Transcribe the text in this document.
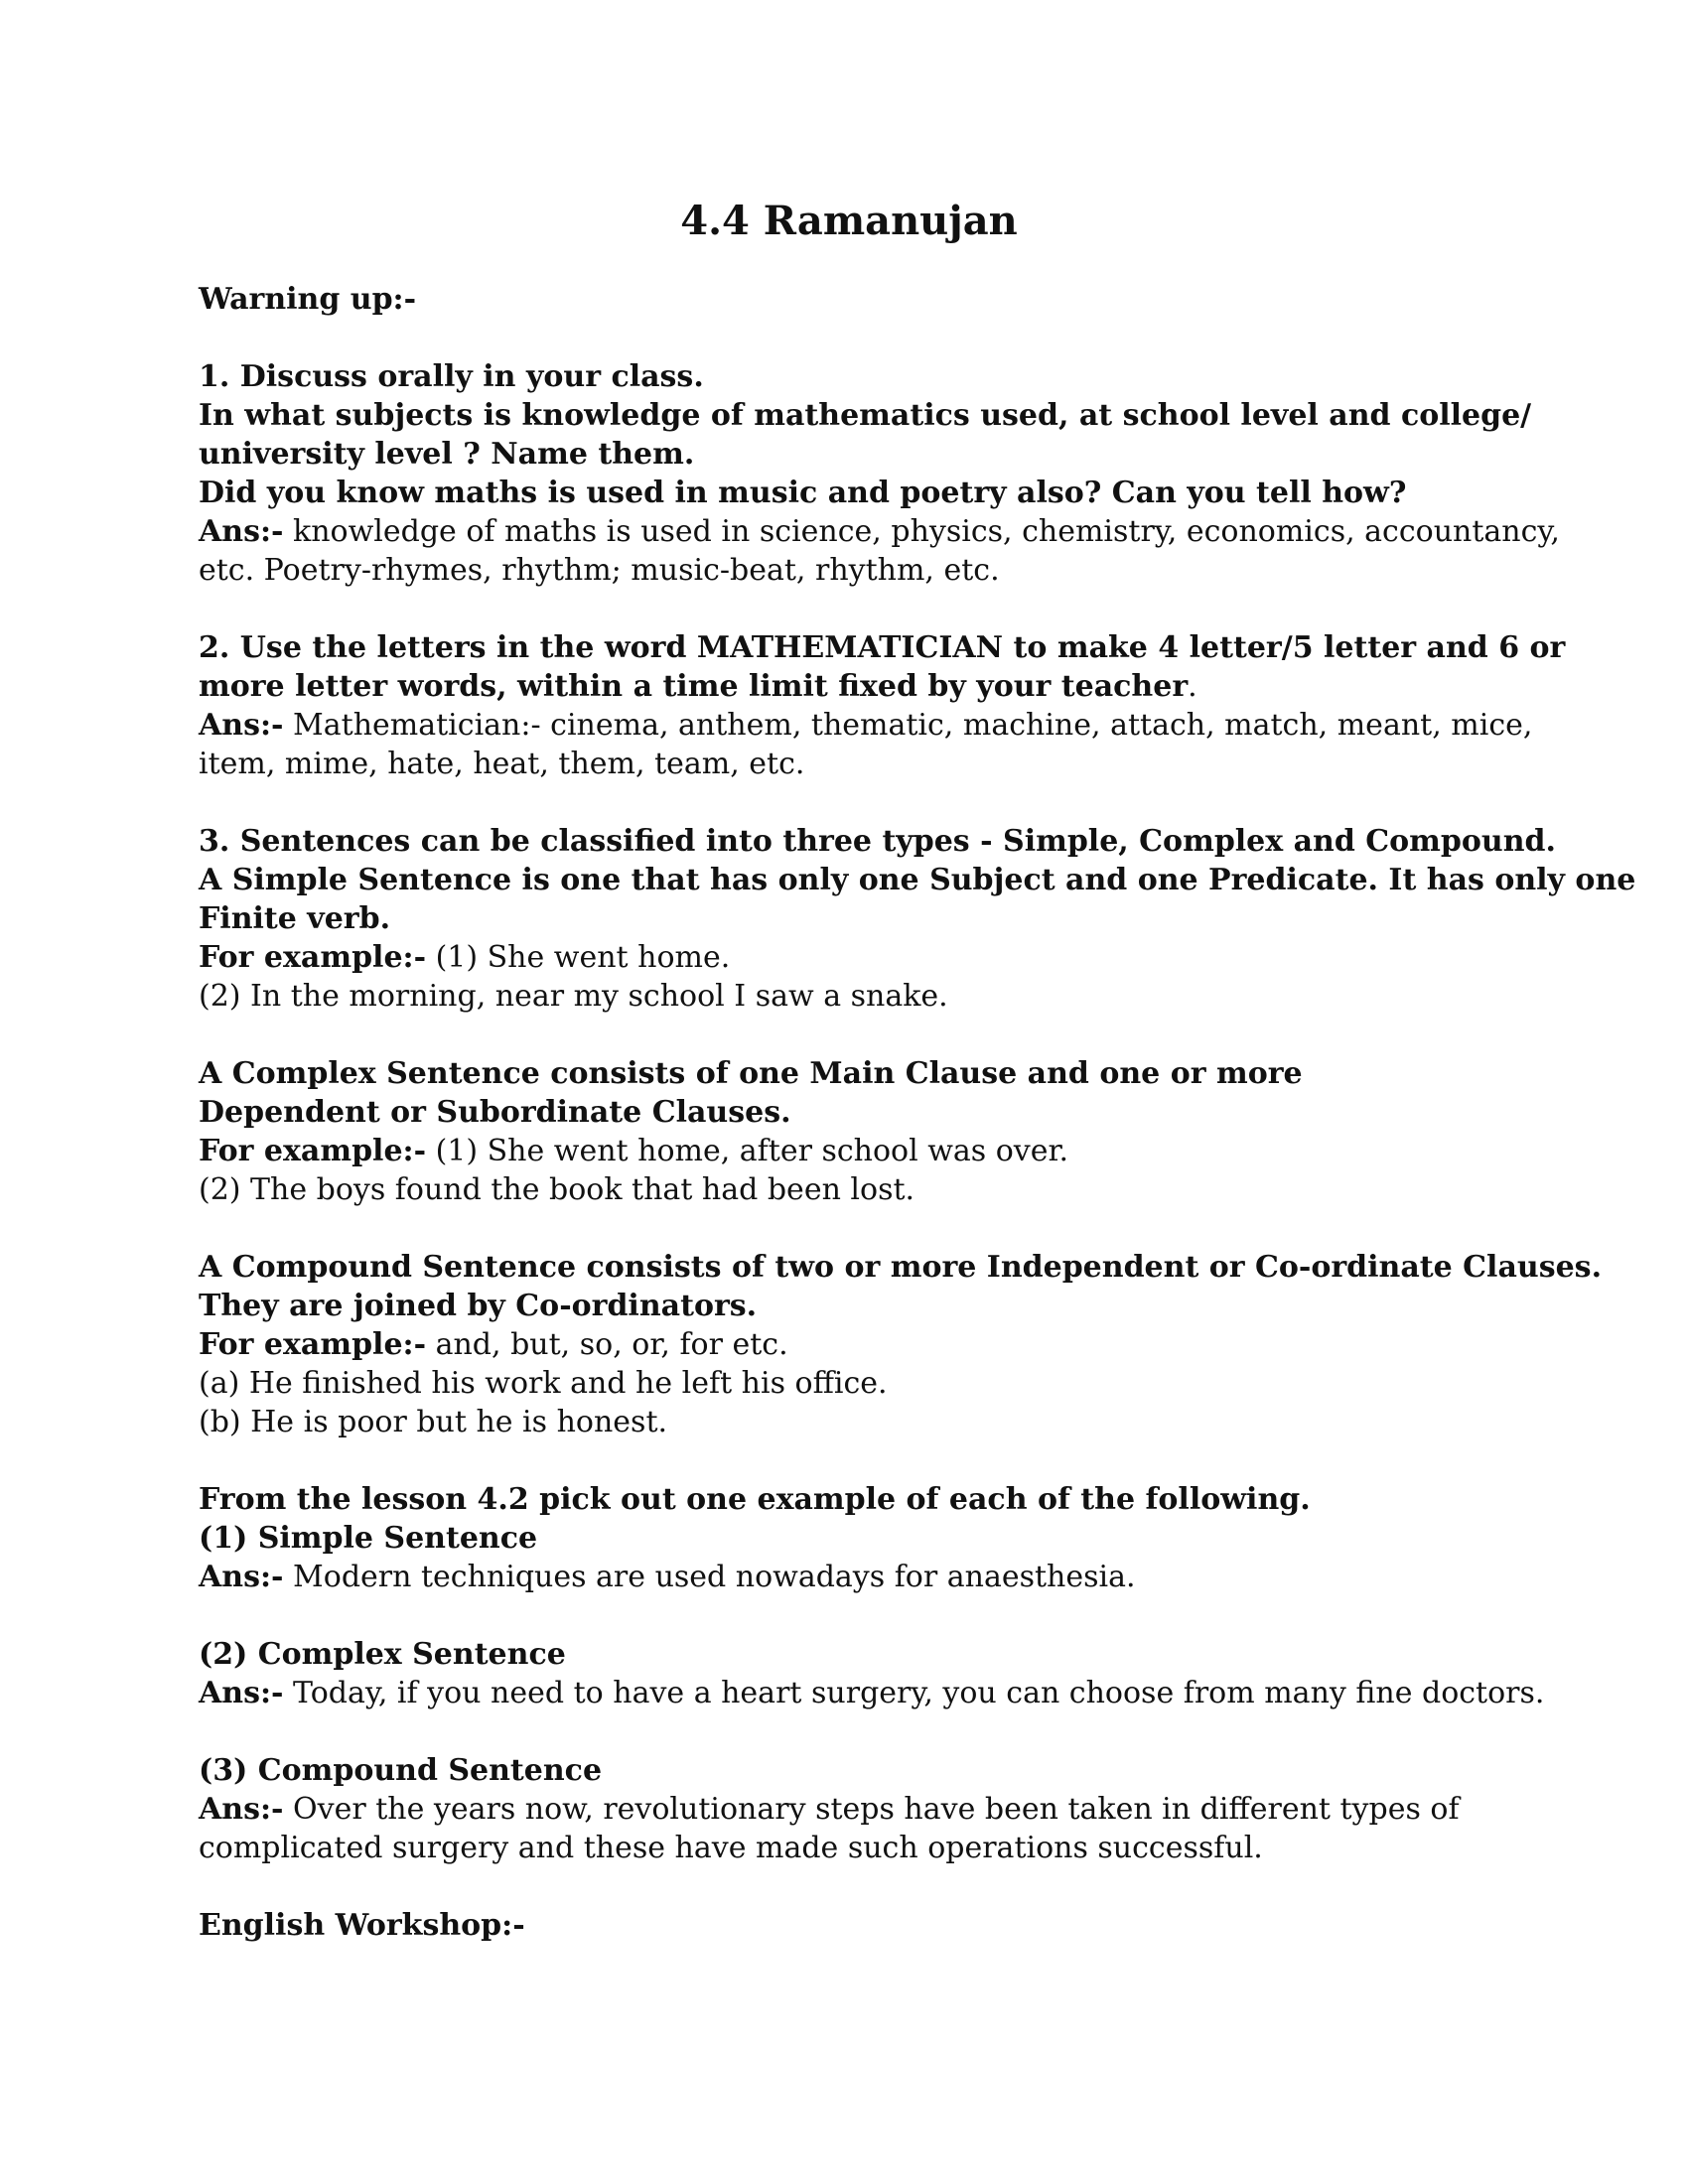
4.4 Ramanujan

Warning up:-

1. Discuss orally in your class.

In what subjects is knowledge of mathematics used, at school level and college/

university level ? Name them.

Did you know maths is used in music and poetry also? Can you tell how?

Ans:- knowledge of maths is used in science, physics, chemistry, economics, accountancy,

etc. Poetry-rhymes, rhythm; music-beat, rhythm, etc.

2. Use the letters in the word MATHEMATICIAN to make 4 letter/5 letter and 6 or

more letter words, within a time limit fixed by your teacher.

Ans:- Mathematician:- cinema, anthem, thematic, machine, attach, match, meant, mice,

item, mime, hate, heat, them, team, etc.

3. Sentences can be classified into three types - Simple, Complex and Compound.

A Simple Sentence is one that has only one Subject and one Predicate. It has only one

Finite verb.

For example:- (1) She went home.

(2) In the morning, near my school I saw a snake.

A Complex Sentence consists of one Main Clause and one or more

Dependent or Subordinate Clauses.

For example:- (1) She went home, after school was over.

(2) The boys found the book that had been lost.

A Compound Sentence consists of two or more Independent or Co-ordinate Clauses.

They are joined by Co-ordinators.

For example:- and, but, so, or, for etc.

(a) He finished his work and he left his office.

(b) He is poor but he is honest.

From the lesson 4.2 pick out one example of each of the following.

(1) Simple Sentence

Ans:- Modern techniques are used nowadays for anaesthesia.

(2) Complex Sentence

Ans:- Today, if you need to have a heart surgery, you can choose from many fine doctors.

(3) Compound Sentence

Ans:- Over the years now, revolutionary steps have been taken in different types of

complicated surgery and these have made such operations successful.

English Workshop:-
